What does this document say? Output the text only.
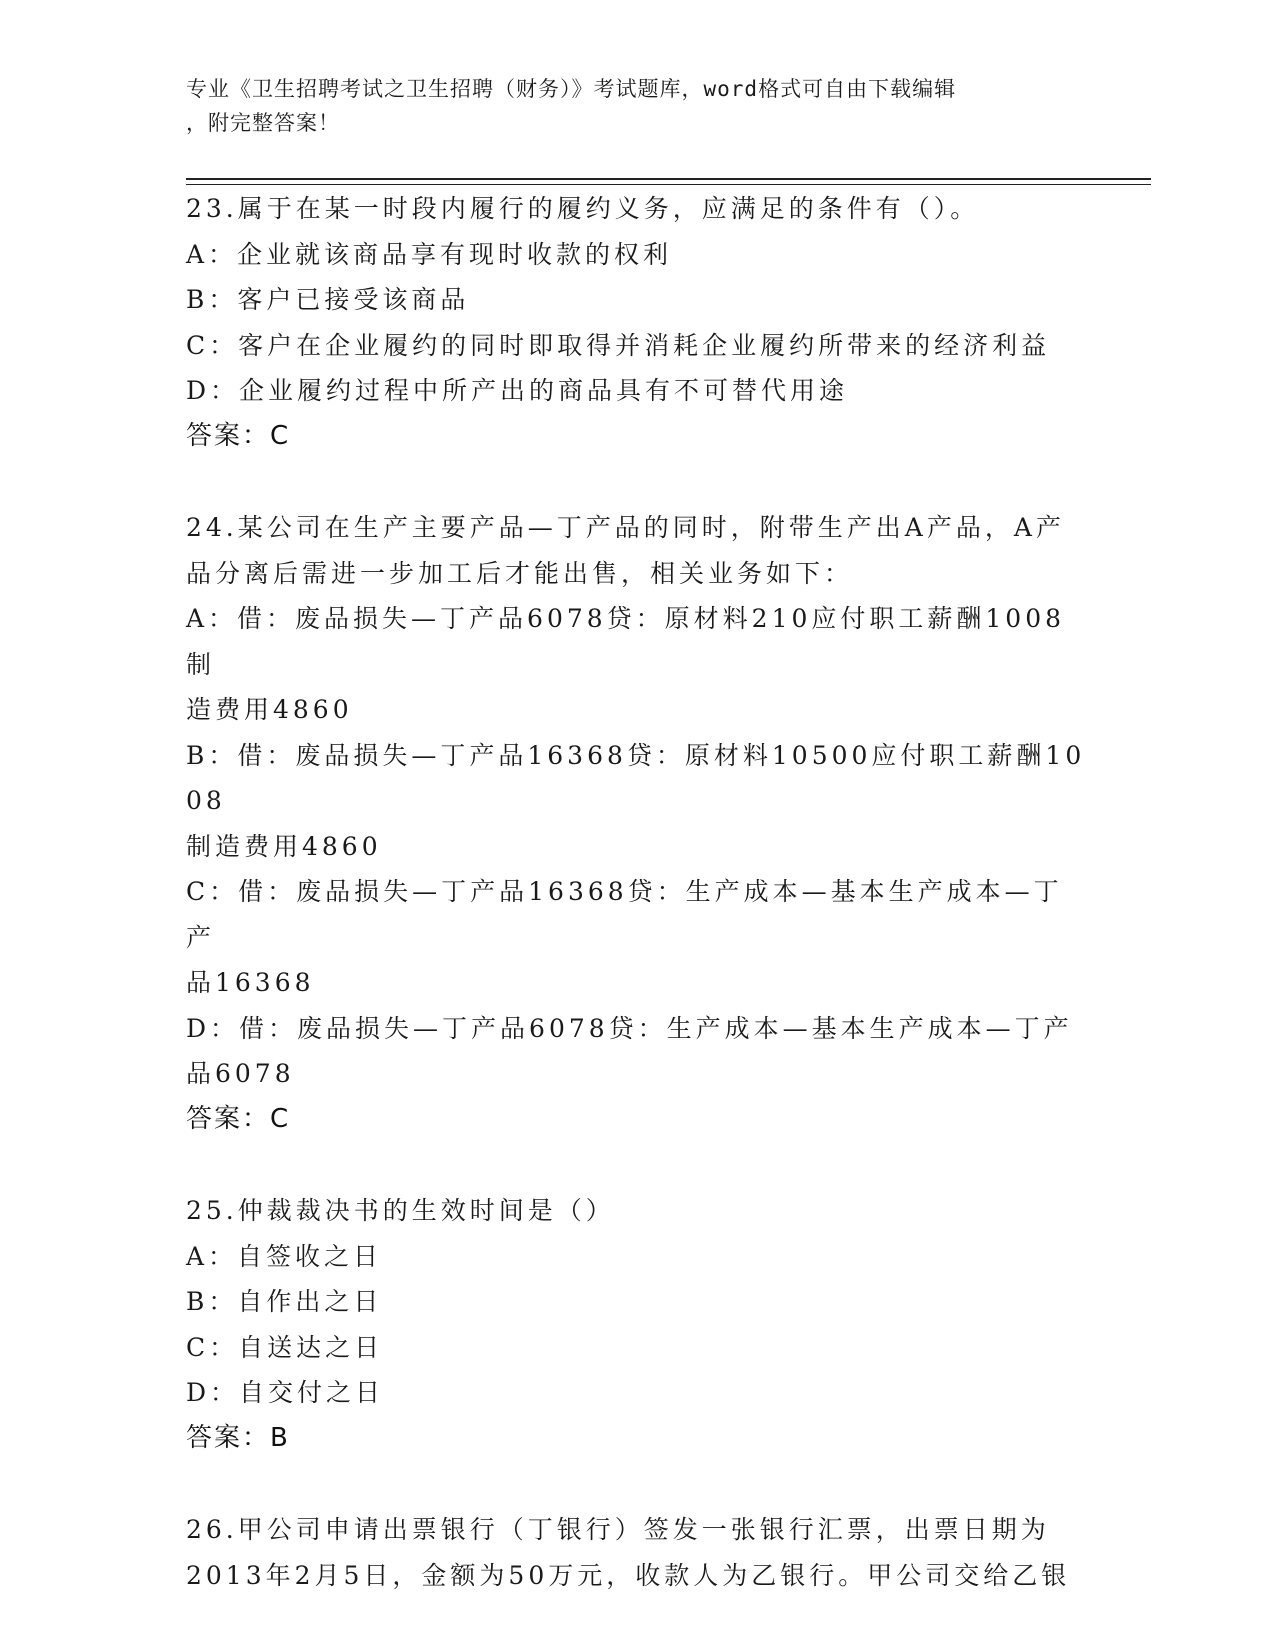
专业《卫生招聘考试之卫生招聘（财务）》考试题库，word格式可自由下载编辑
，附完整答案！
23.属于在某一时段内履行的履约义务，应满足的条件有（）。
A：企业就该商品享有现时收款的权利
B：客户已接受该商品
C：客户在企业履约的同时即取得并消耗企业履约所带来的经济利益
D：企业履约过程中所产出的商品具有不可替代用途
答案：C
24.某公司在生产主要产品—丁产品的同时，附带生产出A产品，A产
品分离后需进一步加工后才能出售，相关业务如下：
A：借：废品损失—丁产品6078贷：原材料210应付职工薪酬1008制
造费用4860
B：借：废品损失—丁产品16368贷：原材料10500应付职工薪酬1008
制造费用4860
C：借：废品损失—丁产品16368贷：生产成本—基本生产成本—丁产
品16368
D：借：废品损失—丁产品6078贷：生产成本—基本生产成本—丁产
品6078
答案：C
25.仲裁裁决书的生效时间是（）
A：自签收之日
B：自作出之日
C：自送达之日
D：自交付之日
答案：B
26.甲公司申请出票银行（丁银行）签发一张银行汇票，出票日期为
2013年2月5日，金额为50万元，收款人为乙银行。甲公司交给乙银
